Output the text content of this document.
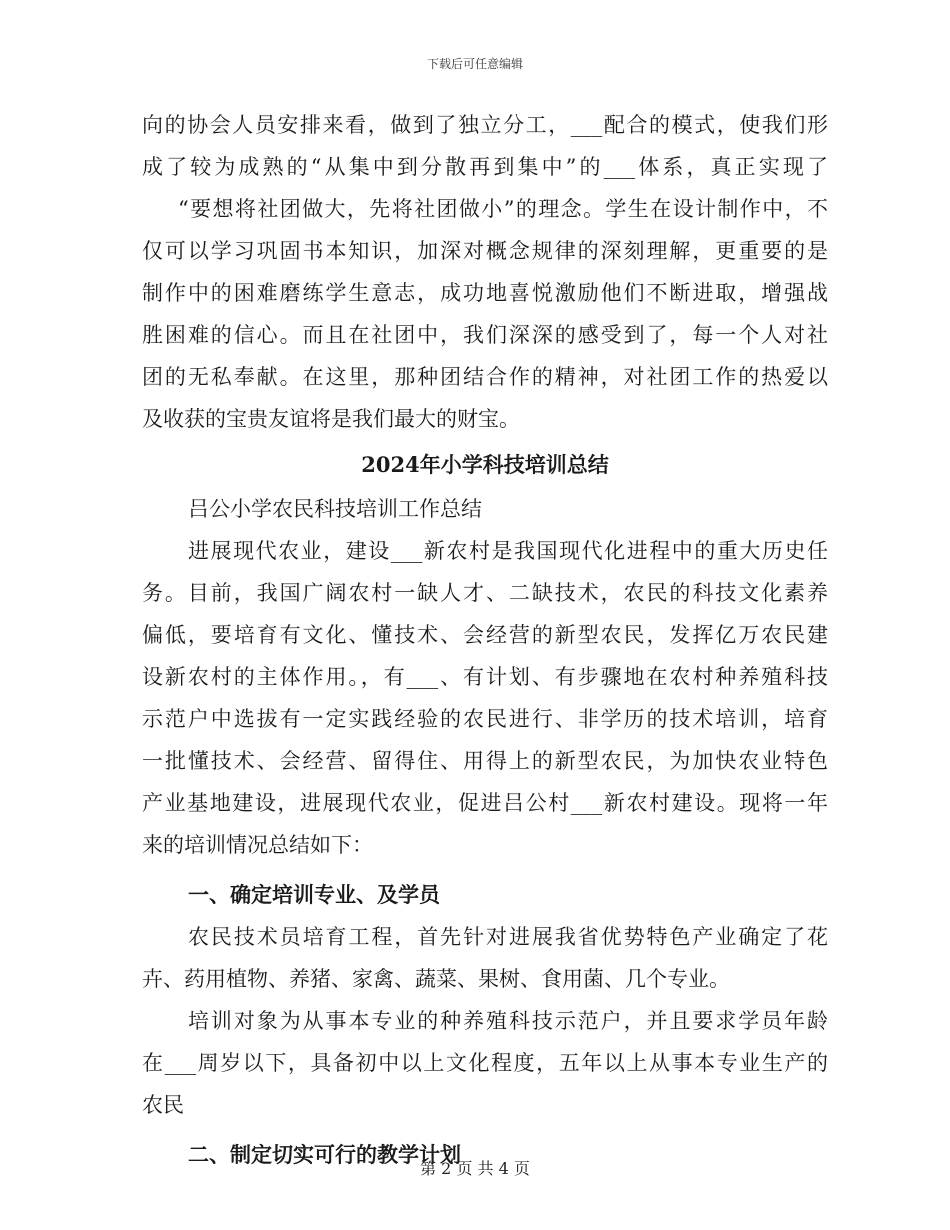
下载后可任意编辑
向的协会人员安排来看，做到了独立分工，___配合的模式，使我们形
成了较为成熟的“从集中到分散再到集中”的___体系，真正实现了
“要想将社团做大，先将社团做小”的理念。学生在设计制作中，不
仅可以学习巩固书本知识，加深对概念规律的深刻理解，更重要的是
制作中的困难磨练学生意志，成功地喜悦激励他们不断进取，增强战
胜困难的信心。而且在社团中，我们深深的感受到了，每一个人对社
团的无私奉献。在这里，那种团结合作的精神，对社团工作的热爱以
及收获的宝贵友谊将是我们最大的财宝。
2024年小学科技培训总结
吕公小学农民科技培训工作总结
进展现代农业，建设___新农村是我国现代化进程中的重大历史任
务。目前，我国广阔农村一缺人才、二缺技术，农民的科技文化素养
偏低，要培育有文化、懂技术、会经营的新型农民，发挥亿万农民建
设新农村的主体作用。，有___、有计划、有步骤地在农村种养殖科技
示范户中选拔有一定实践经验的农民进行、非学历的技术培训，培育
一批懂技术、会经营、留得住、用得上的新型农民，为加快农业特色
产业基地建设，进展现代农业，促进吕公村___新农村建设。现将一年
来的培训情况总结如下：
一、确定培训专业、及学员
农民技术员培育工程，首先针对进展我省优势特色产业确定了花
卉、药用植物、养猪、家禽、蔬菜、果树、食用菌、几个专业。
培训对象为从事本专业的种养殖科技示范户，并且要求学员年龄
在___周岁以下，具备初中以上文化程度，五年以上从事本专业生产的
农民
二、制定切实可行的教学计划
第 2 页 共 4 页
